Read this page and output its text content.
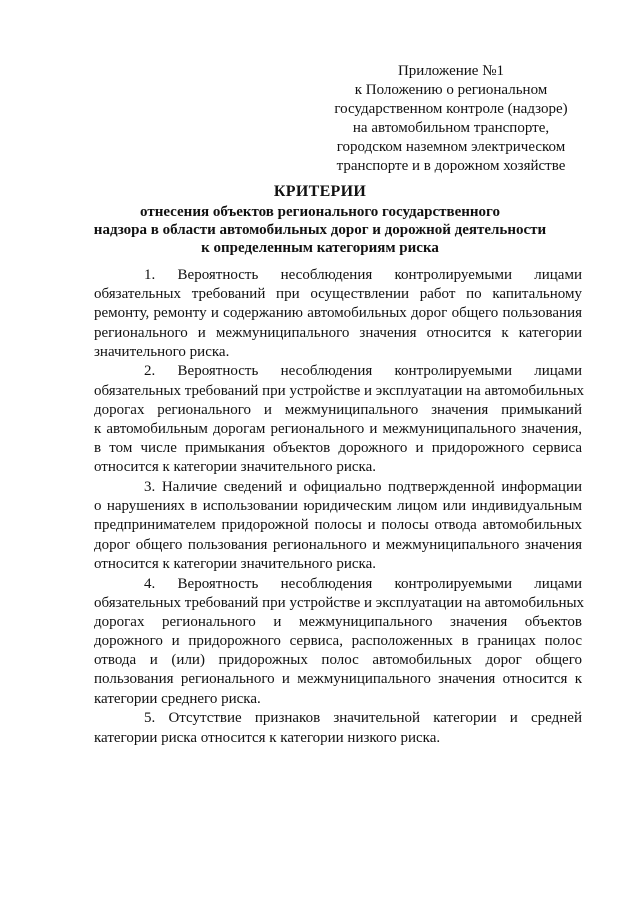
Приложение №1
к Положению о региональном
государственном контроле (надзоре)
на автомобильном транспорте,
городском наземном электрическом
транспорте и в дорожном хозяйстве
КРИТЕРИИ
отнесения объектов регионального государственного
надзора в области автомобильных дорог и дорожной деятельности
к определенным категориям риска
1. Вероятность несоблюдения контролируемыми лицами
обязательных требований при осуществлении работ по капитальному
ремонту, ремонту и содержанию автомобильных дорог общего пользования
регионального и межмуниципального значения относится к категории
значительного риска.
2. Вероятность несоблюдения контролируемыми лицами
обязательных требований при устройстве и эксплуатации на автомобильных
дорогах регионального и межмуниципального значения примыканий
к автомобильным дорогам регионального и межмуниципального значения,
в том числе примыкания объектов дорожного и придорожного сервиса
относится к категории значительного риска.
3. Наличие сведений и официально подтвержденной информации
о нарушениях в использовании юридическим лицом или индивидуальным
предпринимателем придорожной полосы и полосы отвода автомобильных
дорог общего пользования регионального и межмуниципального значения
относится к категории значительного риска.
4. Вероятность несоблюдения контролируемыми лицами
обязательных требований при устройстве и эксплуатации на автомобильных
дорогах регионального и межмуниципального значения объектов
дорожного и придорожного сервиса, расположенных в границах полос
отвода и (или) придорожных полос автомобильных дорог общего
пользования регионального и межмуниципального значения относится к
категории среднего риска.
5. Отсутствие признаков значительной категории и средней
категории риска относится к категории низкого риска.
